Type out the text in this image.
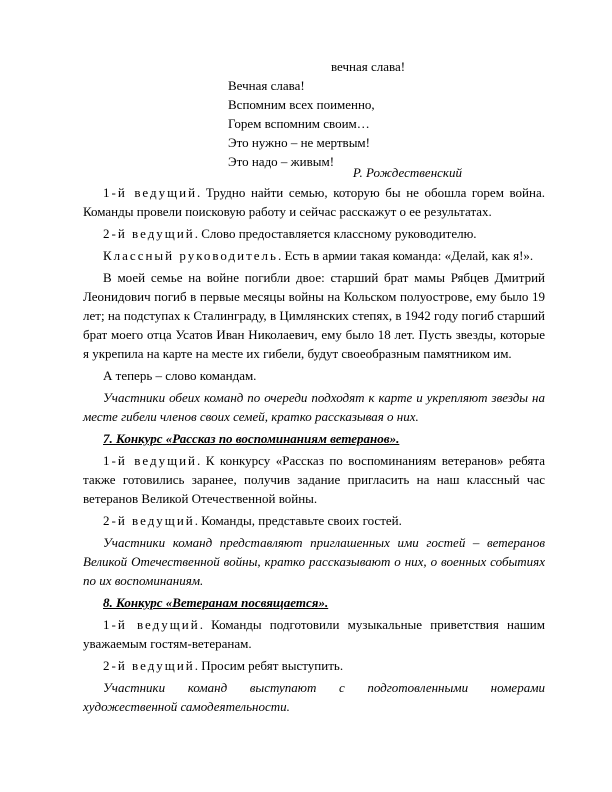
вечная слава!
Вечная слава!
Вспомним всех поименно,
Горем вспомним своим…
Это нужно – не мертвым!
Это надо – живым!
Р. Рождественский

1-й ведущий. Трудно найти семью, которую бы не обошла горем война. Команды провели поисковую работу и сейчас расскажут о ее результатах.

2-й ведущий. Слово предоставляется классному руководителю.

Классный руководитель. Есть в армии такая команда: «Делай, как я!».

В моей семье на войне погибли двое: старший брат мамы Рябцев Дмитрий Леонидович погиб в первые месяцы войны на Кольском полуострове, ему было 19 лет; на подступах к Сталинграду, в Цимлянских степях, в 1942 году погиб старший брат моего отца Усатов Иван Николаевич, ему было 18 лет. Пусть звезды, которые я укрепила на карте на месте их гибели, будут своеобразным памятником им.

А теперь – слово командам.

Участники обеих команд по очереди подходят к карте и укрепляют звезды на месте гибели членов своих семей, кратко рассказывая о них.

7. Конкурс «Рассказ по воспоминаниям ветеранов».

1-й ведущий. К конкурсу «Рассказ по воспоминаниям ветеранов» ребята также готовились заранее, получив задание пригласить на наш классный час ветеранов Великой Отечественной войны.

2-й ведущий. Команды, представьте своих гостей.

Участники команд представляют приглашенных ими гостей – ветеранов Великой Отечественной войны, кратко рассказывают о них, о военных событиях по их воспоминаниям.

8. Конкурс «Ветеранам посвящается».

1-й ведущий. Команды подготовили музыкальные приветствия нашим уважаемым гостям-ветеранам.

2-й ведущий. Просим ребят выступить.

Участники команд выступают с подготовленными номерами художественной самодеятельности.
